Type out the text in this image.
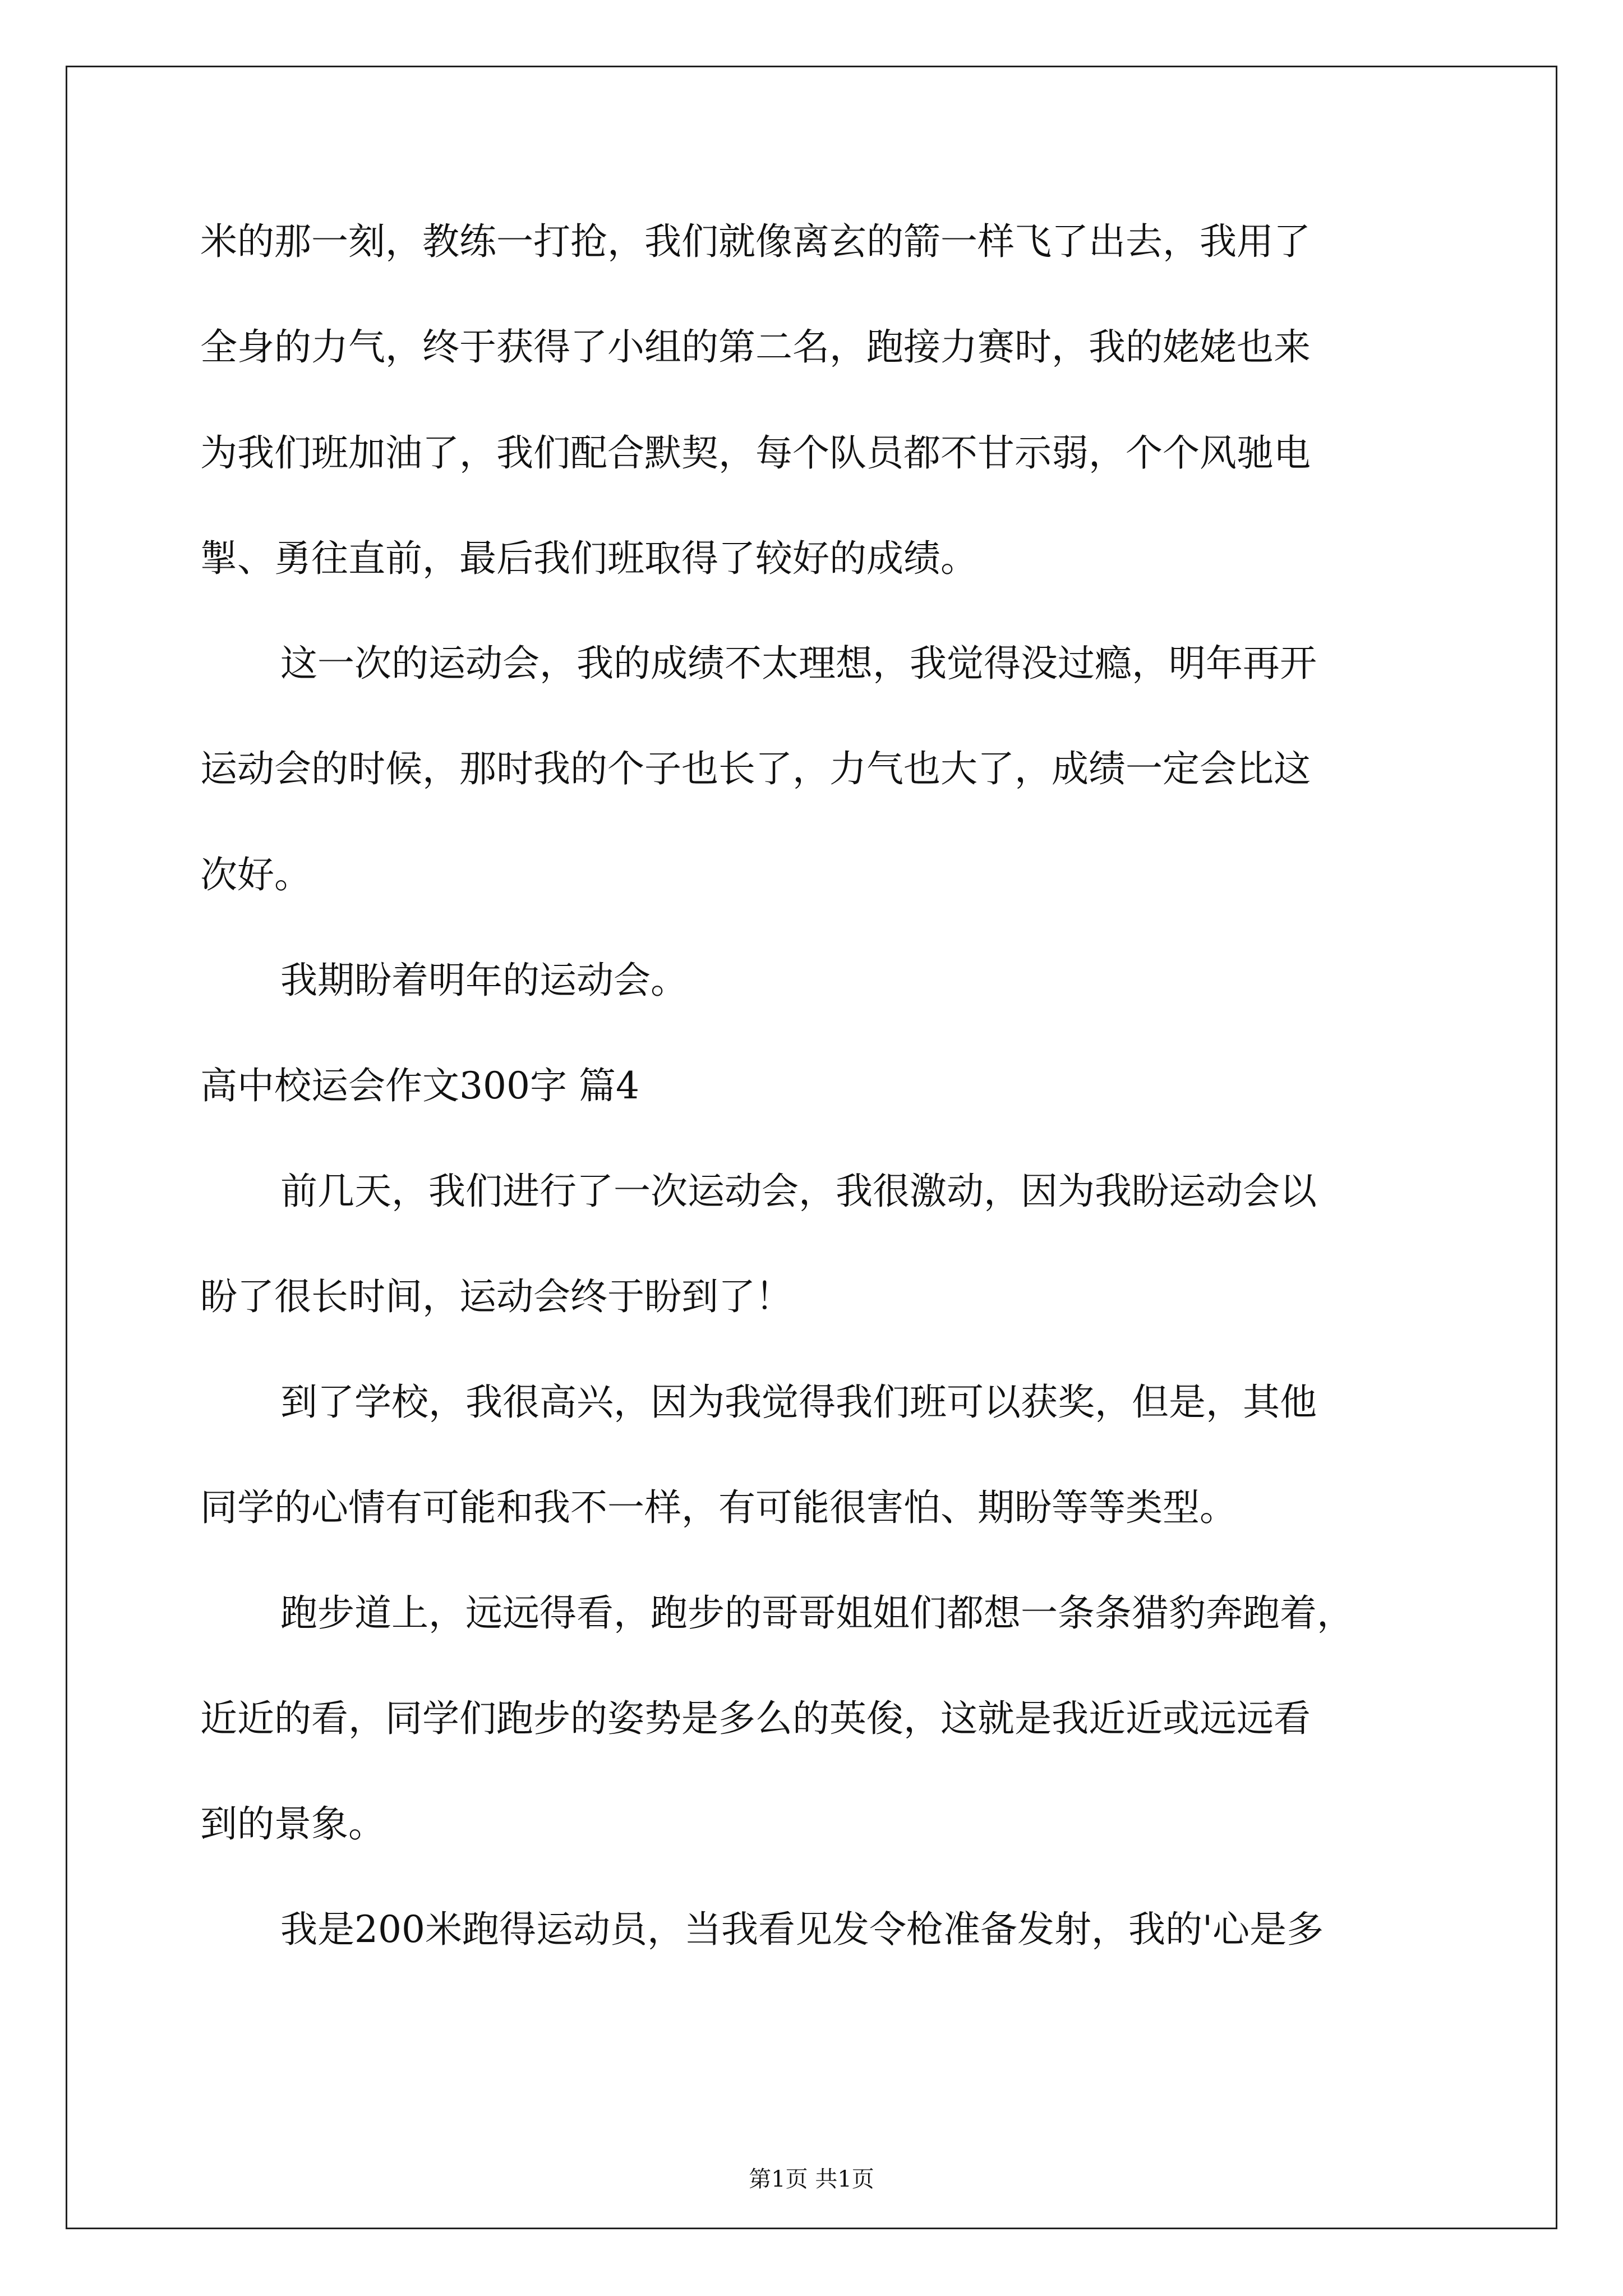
米的那一刻，教练一打抢，我们就像离玄的箭一样飞了出去，我用了
全身的力气，终于获得了小组的第二名，跑接力赛时，我的姥姥也来
为我们班加油了，我们配合默契，每个队员都不甘示弱，个个风驰电
掣、勇往直前，最后我们班取得了较好的成绩。
这一次的运动会，我的成绩不太理想，我觉得没过瘾，明年再开
运动会的时候，那时我的个子也长了，力气也大了，成绩一定会比这
次好。
我期盼着明年的运动会。
高中校运会作文300字 篇4
前几天，我们进行了一次运动会，我很激动，因为我盼运动会以
盼了很长时间，运动会终于盼到了！
到了学校，我很高兴，因为我觉得我们班可以获奖，但是，其他
同学的心情有可能和我不一样，有可能很害怕、期盼等等类型。
跑步道上，远远得看，跑步的哥哥姐姐们都想一条条猎豹奔跑着，
近近的看，同学们跑步的姿势是多么的英俊，这就是我近近或远远看
到的景象。
我是200米跑得运动员，当我看见发令枪准备发射，我的'心是多
第1页 共1页
